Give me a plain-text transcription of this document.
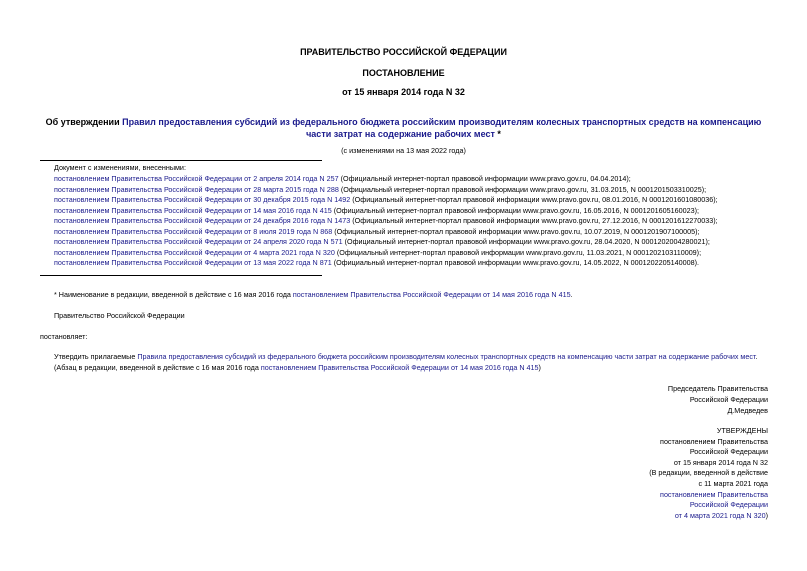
ПРАВИТЕЛЬСТВО РОССИЙСКОЙ ФЕДЕРАЦИИ
ПОСТАНОВЛЕНИЕ
от 15 января 2014 года N 32
Об утверждении Правил предоставления субсидий из федерального бюджета российским производителям колесных транспортных средств на компенсацию
части затрат на содержание рабочих мест *
(с изменениями на 13 мая 2022 года)
Документ с изменениями, внесенными:
постановлением Правительства Российской Федерации от 2 апреля 2014 года N 257 (Официальный интернет-портал правовой информации www.pravo.gov.ru, 04.04.2014);
постановлением Правительства Российской Федерации от 28 марта 2015 года N 288 (Официальный интернет-портал правовой информации www.pravo.gov.ru, 31.03.2015, N 0001201503310025);
постановлением Правительства Российской Федерации от 30 декабря 2015 года N 1492 (Официальный интернет-портал правовой информации www.pravo.gov.ru, 08.01.2016, N 0001201601080036);
постановлением Правительства Российской Федерации от 14 мая 2016 года N 415 (Официальный интернет-портал правовой информации www.pravo.gov.ru, 16.05.2016, N 0001201605160023);
постановлением Правительства Российской Федерации от 24 декабря 2016 года N 1473 (Официальный интернет-портал правовой информации www.pravo.gov.ru, 27.12.2016, N 0001201612270033);
постановлением Правительства Российской Федерации от 8 июля 2019 года N 868 (Официальный интернет-портал правовой информации www.pravo.gov.ru, 10.07.2019, N 0001201907100005);
постановлением Правительства Российской Федерации от 24 апреля 2020 года N 571 (Официальный интернет-портал правовой информации www.pravo.gov.ru, 28.04.2020, N 0001202004280021);
постановлением Правительства Российской Федерации от 4 марта 2021 года N 320 (Официальный интернет-портал правовой информации www.pravo.gov.ru, 11.03.2021, N 0001202103110009);
постановлением Правительства Российской Федерации от 13 мая 2022 года N 871 (Официальный интернет-портал правовой информации www.pravo.gov.ru, 14.05.2022, N 0001202205140008).
* Наименование в редакции, введенной в действие с 16 мая 2016 года постановлением Правительства Российской Федерации от 14 мая 2016 года N 415.
Правительство Российской Федерации
постановляет:
Утвердить прилагаемые Правила предоставления субсидий из федерального бюджета российским производителям колесных транспортных средств на компенсацию части затрат на содержание рабочих мест.
(Абзац в редакции, введенной в действие с 16 мая 2016 года постановлением Правительства Российской Федерации от 14 мая 2016 года N 415)
Председатель Правительства
Российской Федерации
Д.Медведев
УТВЕРЖДЕНЫ
постановлением Правительства
Российской Федерации
от 15 января 2014 года N 32
(В редакции, введенной в действие
с 11 марта 2021 года
постановлением Правительства
Российской Федерации
от 4 марта 2021 года N 320)
